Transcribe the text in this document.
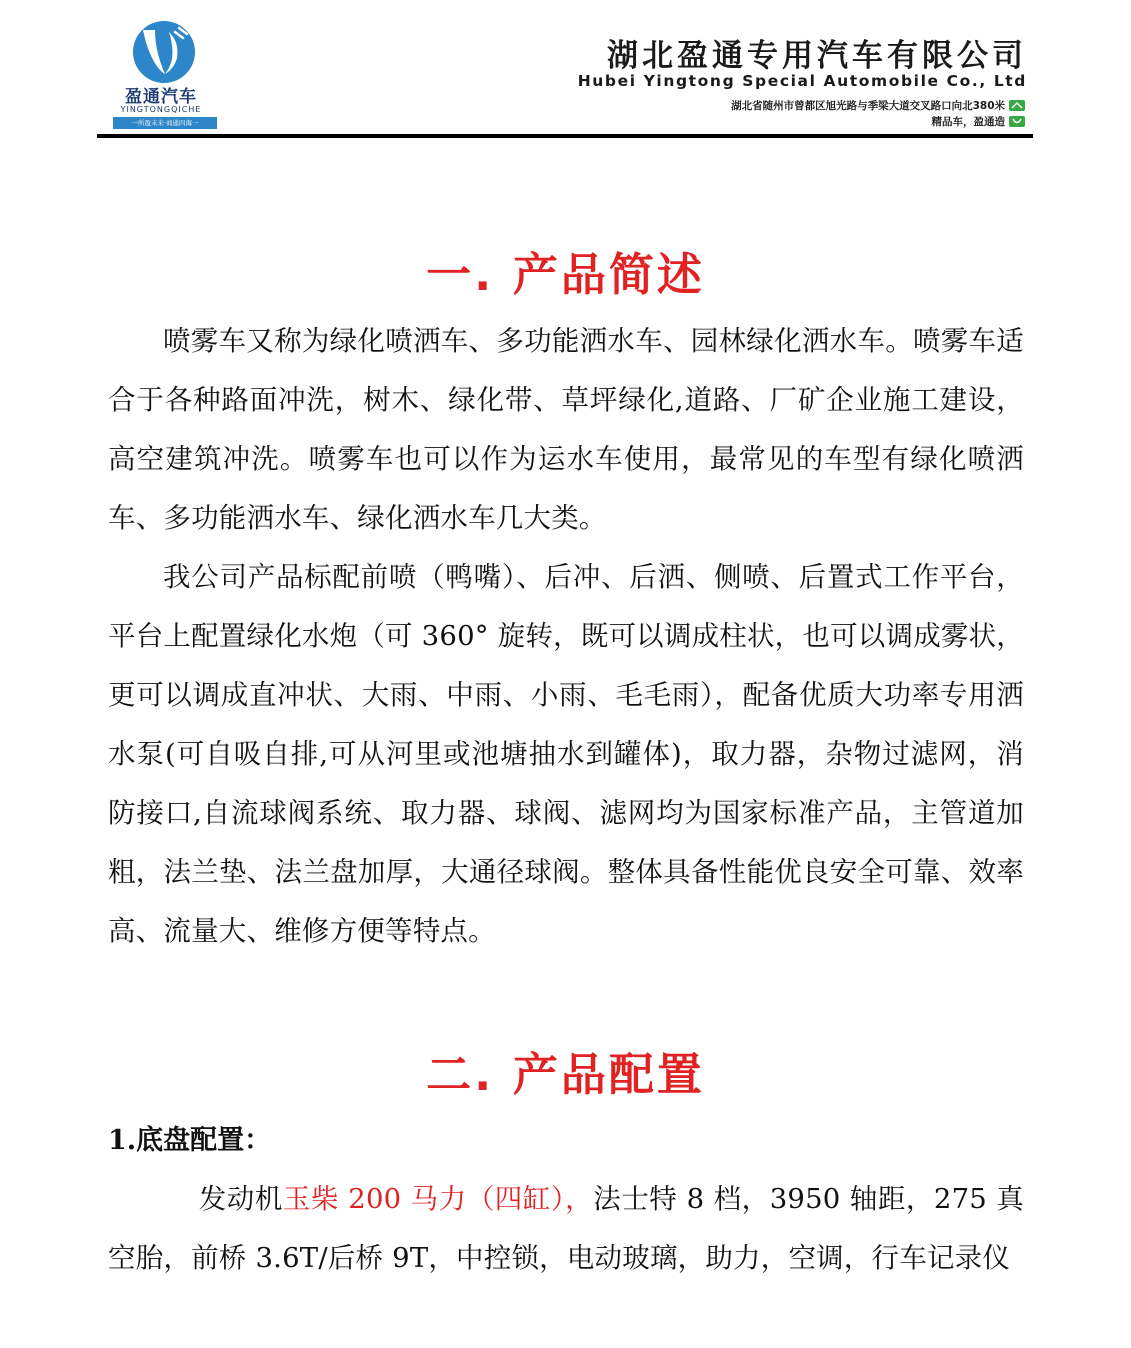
盈通汽车
YINGTONGQICHE
一所盈未来·商通四海一
湖北盈通专用汽车有限公司
Hubei Yingtong Special Automobile Co., Ltd
湖北省随州市曾都区旭光路与季梁大道交叉路口向北380米
精品车，盈通造
一. 产品简述

喷雾车又称为绿化喷洒车、多功能洒水车、园林绿化洒水车。喷雾车适合于各种路面冲洗，树木、绿化带、草坪绿化,道路、厂矿企业施工建设，高空建筑冲洗。喷雾车也可以作为运水车使用，最常见的车型有绿化喷洒车、多功能洒水车、绿化洒水车几大类。

我公司产品标配前喷（鸭嘴）、后冲、后洒、侧喷、后置式工作平台，平台上配置绿化水炮（可 360° 旋转，既可以调成柱状，也可以调成雾状，更可以调成直冲状、大雨、中雨、小雨、毛毛雨），配备优质大功率专用洒水泵(可自吸自排,可从河里或池塘抽水到罐体)，取力器，杂物过滤网，消防接口,自流球阀系统、取力器、球阀、滤网均为国家标准产品，主管道加粗，法兰垫、法兰盘加厚，大通径球阀。整体具备性能优良安全可靠、效率高、流量大、维修方便等特点。

二. 产品配置
1.底盘配置：

发动机玉柴 200 马力（四缸），法士特 8 档，3950 轴距，275 真空胎，前桥 3.6T/后桥 9T，中控锁，电动玻璃，助力，空调，行车记录仪
